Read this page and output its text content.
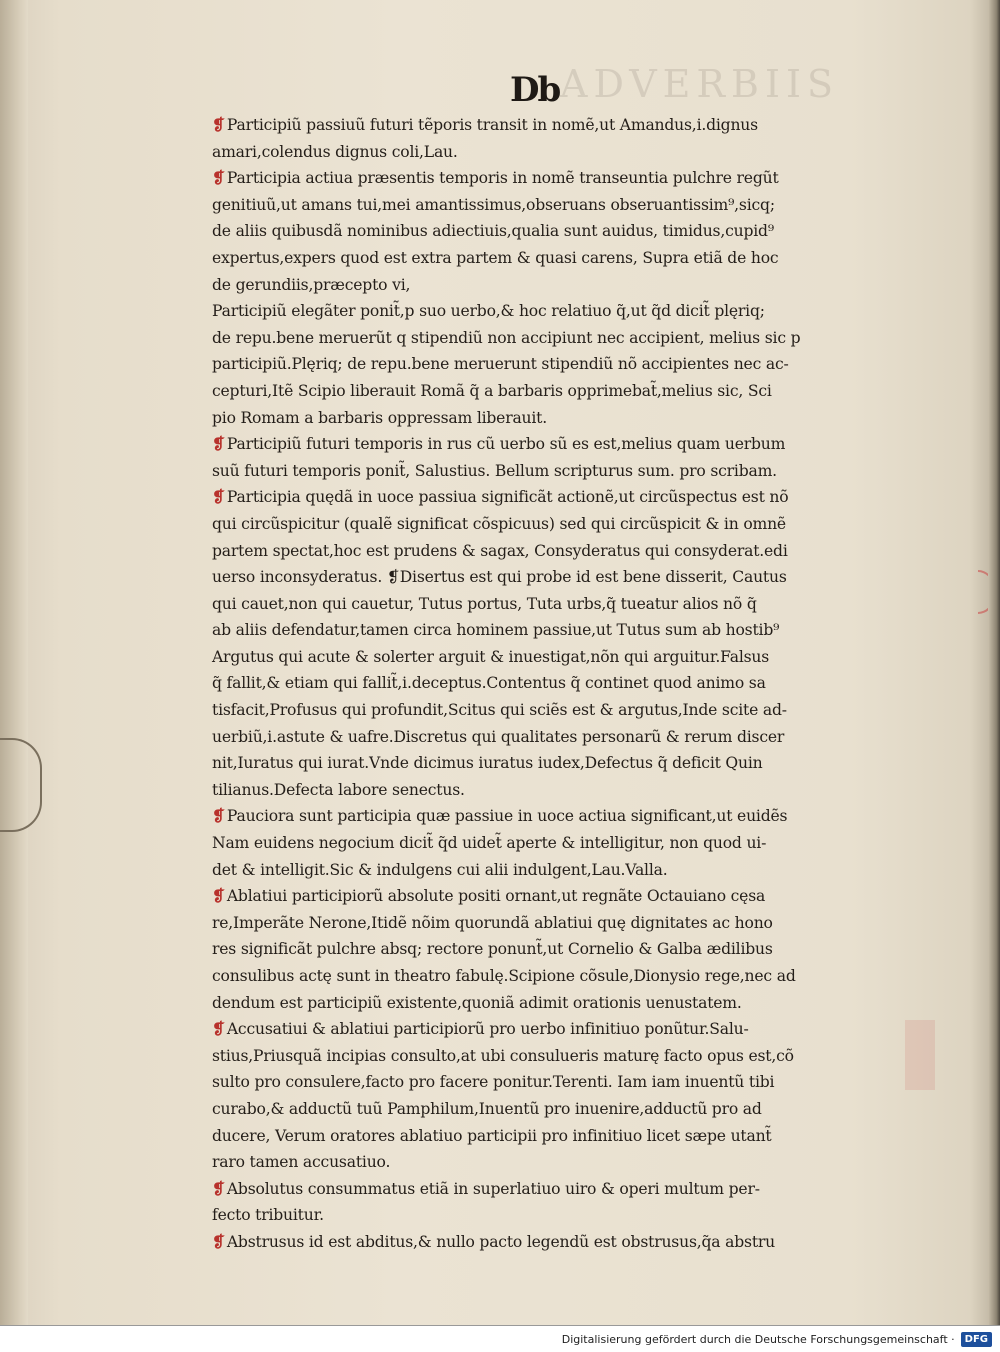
ADVERBIIS
Db
❡ Participiũ passiuũ futuri tẽporis transit in nomẽ,ut Amandus,i.dignus
amari,colendus dignus coli,Lau.
❡ Participia actiua præsentis temporis in nomẽ transeuntia pulchre regũt
genitiuũ,ut amans tui,mei amantissimus,obseruans obseruantissim⁹,sicq;
de aliis quibusdã nominibus adiectiuis,qualia sunt auidus, timidus,cupid⁹
expertus,expers quod est extra partem & quasi carens, Supra etiã de hoc
de gerundiis,præcepto vi,
Participiũ elegãter ponit̃,p suo uerbo,& hoc relatiuo q̃,ut q̃d dicit̃ plęriq;
de repu.bene meruerũt q stipendiũ non accipiunt nec accipient, melius sic p
participiũ.Plęriq; de repu.bene meruerunt stipendiũ nõ accipientes nec ac-
cepturi,Itẽ Scipio liberauit Romã q̃ a barbaris opprimebat̃,melius sic, Sci
pio Romam a barbaris oppressam liberauit.
❡ Participiũ futuri temporis in rus cũ uerbo sũ es est,melius quam uerbum
suũ futuri temporis ponit̃, Salustius. Bellum scripturus sum. pro scribam.
❡ Participia quędã in uoce passiua significãt actionẽ,ut circũspectus est nõ
qui circũspicitur (qualẽ significat cõspicuus) sed qui circũspicit & in omnẽ
partem spectat,hoc est prudens & sagax, Consyderatus qui consyderat.edi
uerso inconsyderatus. ❡Disertus est qui probe id est bene disserit, Cautus
qui cauet,non qui cauetur, Tutus portus, Tuta urbs,q̃ tueatur alios nõ q̃
ab aliis defendatur,tamen circa hominem passiue,ut Tutus sum ab hostib⁹
Argutus qui acute & solerter arguit & inuestigat,nõn qui arguitur.Falsus
q̃ fallit,& etiam qui fallit̃,i.deceptus.Contentus q̃ continet quod animo sa
tisfacit,Profusus qui profundit,Scitus qui sciẽs est & argutus,Inde scite ad-
uerbiũ,i.astute & uafre.Discretus qui qualitates personarũ & rerum discer
nit,Iuratus qui iurat.Vnde dicimus iuratus iudex,Defectus q̃ deficit Quin
tilianus.Defecta labore senectus.
❡ Pauciora sunt participia quæ passiue in uoce actiua significant,ut euidẽs
Nam euidens negocium dicit̃ q̃d uidet̃ aperte & intelligitur, non quod ui-
det & intelligit.Sic & indulgens cui alii indulgent,Lau.Valla.
❡ Ablatiui participiorũ absolute positi ornant,ut regnãte Octauiano cęsa
re,Imperãte Nerone,Itidẽ nõim quorundã ablatiui quę dignitates ac hono
res significãt pulchre absq; rectore ponunt̃,ut Cornelio & Galba ædilibus
consulibus actę sunt in theatro fabulę.Scipione cõsule,Dionysio rege,nec ad
dendum est participiũ existente,quoniã adimit orationis uenustatem.
❡ Accusatiui & ablatiui participiorũ pro uerbo infinitiuo ponũtur.Salu-
stius,Priusquã incipias consulto,at ubi consulueris maturę facto opus est,cõ
sulto pro consulere,facto pro facere ponitur.Terenti. Iam iam inuentũ tibi
curabo,& adductũ tuũ Pamphilum,Inuentũ pro inuenire,adductũ pro ad
ducere, Verum oratores ablatiuo participii pro infinitiuo licet sæpe utant̃
raro tamen accusatiuo.
❡ Absolutus consummatus etiã in superlatiuo uiro & operi multum per-
fecto tribuitur.
❡ Abstrusus id est abditus,& nullo pacto legendũ est obstrusus,q̃a abstru
Digitalisierung gefördert durch die Deutsche Forschungsgemeinschaft ·	DFG
